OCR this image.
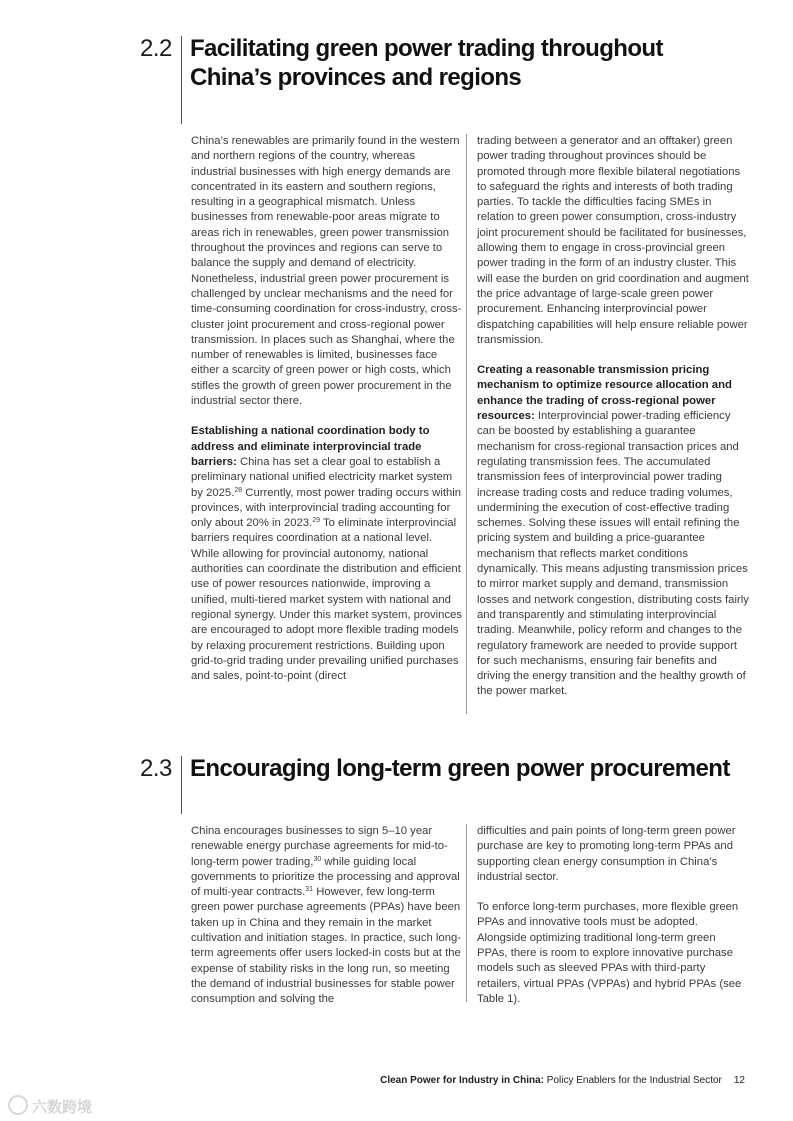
2.2 Facilitating green power trading throughout China’s provinces and regions

China’s renewables are primarily found in the western and northern regions of the country, whereas industrial businesses with high energy demands are concentrated in its eastern and southern regions, resulting in a geographical mismatch. Unless businesses from renewable-poor areas migrate to areas rich in renewables, green power transmission throughout the provinces and regions can serve to balance the supply and demand of electricity. Nonetheless, industrial green power procurement is challenged by unclear mechanisms and the need for time-consuming coordination for cross-industry, cross-cluster joint procurement and cross-regional power transmission. In places such as Shanghai, where the number of renewables is limited, businesses face either a scarcity of green power or high costs, which stifles the growth of green power procurement in the industrial sector there.

Establishing a national coordination body to address and eliminate interprovincial trade barriers: China has set a clear goal to establish a preliminary national unified electricity market system by 2025.28 Currently, most power trading occurs within provinces, with interprovincial trading accounting for only about 20% in 2023.29 To eliminate interprovincial barriers requires coordination at a national level. While allowing for provincial autonomy, national authorities can coordinate the distribution and efficient use of power resources nationwide, improving a unified, multi-tiered market system with national and regional synergy. Under this market system, provinces are encouraged to adopt more flexible trading models by relaxing procurement restrictions. Building upon grid-to-grid trading under prevailing unified purchases and sales, point-to-point (direct

trading between a generator and an offtaker) green power trading throughout provinces should be promoted through more flexible bilateral negotiations to safeguard the rights and interests of both trading parties. To tackle the difficulties facing SMEs in relation to green power consumption, cross-industry joint procurement should be facilitated for businesses, allowing them to engage in cross-provincial green power trading in the form of an industry cluster. This will ease the burden on grid coordination and augment the price advantage of large-scale green power procurement. Enhancing interprovincial power dispatching capabilities will help ensure reliable power transmission.

Creating a reasonable transmission pricing mechanism to optimize resource allocation and enhance the trading of cross-regional power resources: Interprovincial power-trading efficiency can be boosted by establishing a guarantee mechanism for cross-regional transaction prices and regulating transmission fees. The accumulated transmission fees of interprovincial power trading increase trading costs and reduce trading volumes, undermining the execution of cost-effective trading schemes. Solving these issues will entail refining the pricing system and building a price-guarantee mechanism that reflects market conditions dynamically. This means adjusting transmission prices to mirror market supply and demand, transmission losses and network congestion, distributing costs fairly and transparently and stimulating interprovincial trading. Meanwhile, policy reform and changes to the regulatory framework are needed to provide support for such mechanisms, ensuring fair benefits and driving the energy transition and the healthy growth of the power market.

2.3 Encouraging long-term green power procurement

China encourages businesses to sign 5–10 year renewable energy purchase agreements for mid-to-long-term power trading,$^{30}$ while guiding local governments to prioritize the processing and approval of multi-year contracts.$^{31}$ However, few long-term green power purchase agreements (PPAs) have been taken up in China and they remain in the market cultivation and initiation stages. In practice, such long-term agreements offer users locked-in costs but at the expense of stability risks in the long run, so meeting the demand of industrial businesses for stable power consumption and solving the

difficulties and pain points of long-term green power purchase are key to promoting long-term PPAs and supporting clean energy consumption in China’s industrial sector.

To enforce long-term purchases, more flexible green PPAs and innovative tools must be adopted. Alongside optimizing traditional long-term green PPAs, there is room to explore innovative purchase models such as sleeved PPAs with third-party retailers, virtual PPAs (VPPAs) and hybrid PPAs (see Table 1).

Clean Power for Industry in China: Policy Enablers for the Industrial Sector 12
六数跨境
